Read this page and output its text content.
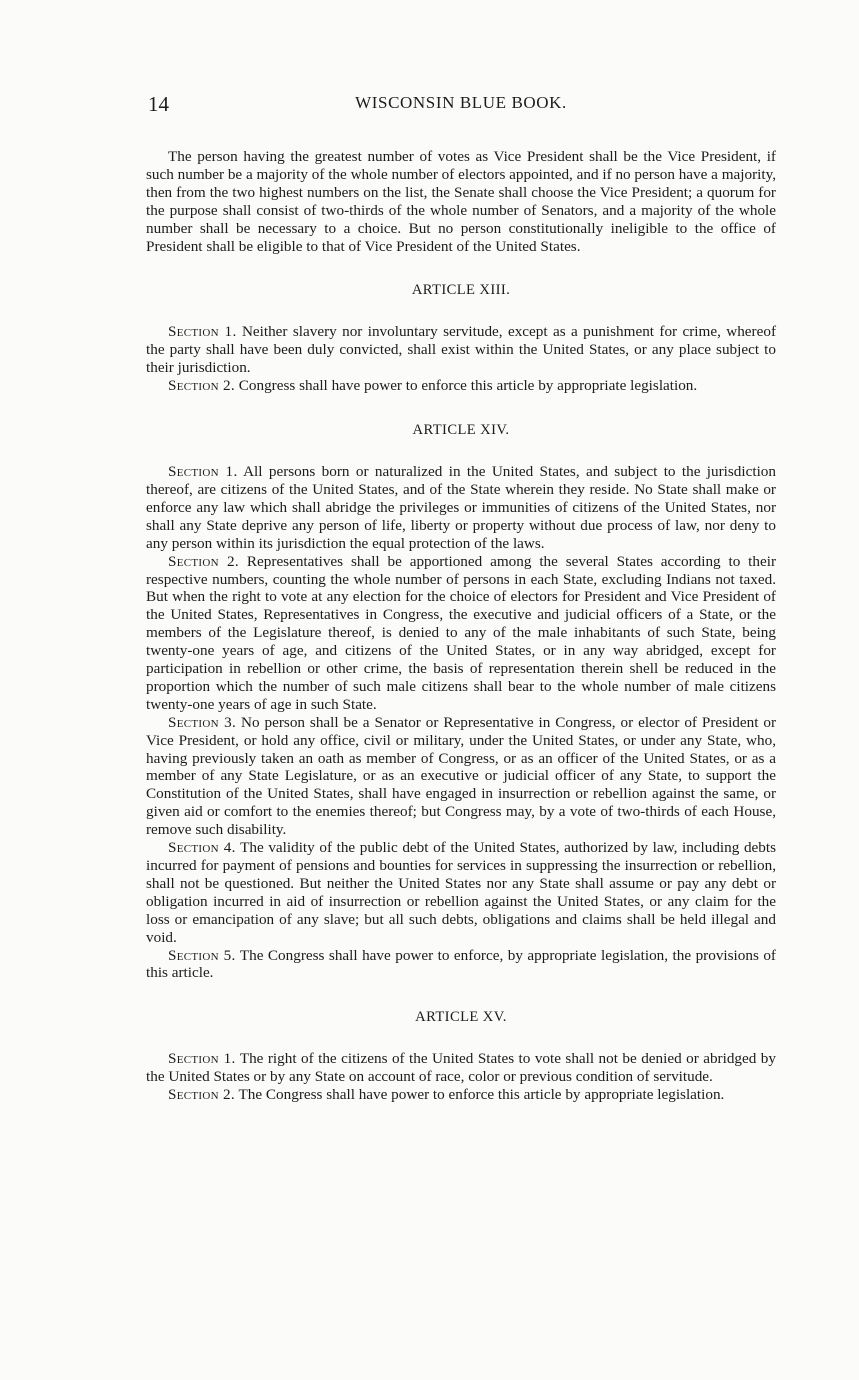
14	WISCONSIN BLUE BOOK.

The person having the greatest number of votes as Vice President shall be the Vice President, if such number be a majority of the whole number of electors appointed, and if no person have a majority, then from the two highest numbers on the list, the Senate shall choose the Vice President; a quorum for the purpose shall consist of two-thirds of the whole number of Senators, and a majority of the whole number shall be necessary to a choice. But no person constitutionally ineligible to the office of President shall be eligible to that of Vice President of the United States.

ARTICLE XIII.

Section 1. Neither slavery nor involuntary servitude, except as a punishment for crime, whereof the party shall have been duly convicted, shall exist within the United States, or any place subject to their jurisdiction.

Section 2. Congress shall have power to enforce this article by appropriate legislation.

ARTICLE XIV.

Section 1. All persons born or naturalized in the United States, and subject to the jurisdiction thereof, are citizens of the United States, and of the State wherein they reside. No State shall make or enforce any law which shall abridge the privileges or immunities of citizens of the United States, nor shall any State deprive any person of life, liberty or property without due process of law, nor deny to any person within its jurisdiction the equal protection of the laws.

Section 2. Representatives shall be apportioned among the several States according to their respective numbers, counting the whole number of persons in each State, excluding Indians not taxed. But when the right to vote at any election for the choice of electors for President and Vice President of the United States, Representatives in Congress, the executive and judicial officers of a State, or the members of the Legislature thereof, is denied to any of the male inhabitants of such State, being twenty-one years of age, and citizens of the United States, or in any way abridged, except for participation in rebellion or other crime, the basis of representation therein shell be reduced in the proportion which the number of such male citizens shall bear to the whole number of male citizens twenty-one years of age in such State.

Section 3. No person shall be a Senator or Representative in Congress, or elector of President or Vice President, or hold any office, civil or military, under the United States, or under any State, who, having previously taken an oath as member of Congress, or as an officer of the United States, or as a member of any State Legislature, or as an executive or judicial officer of any State, to support the Constitution of the United States, shall have engaged in insurrection or rebellion against the same, or given aid or comfort to the enemies thereof; but Congress may, by a vote of two-thirds of each House, remove such disability.

Section 4. The validity of the public debt of the United States, authorized by law, including debts incurred for payment of pensions and bounties for services in suppressing the insurrection or rebellion, shall not be questioned. But neither the United States nor any State shall assume or pay any debt or obligation incurred in aid of insurrection or rebellion against the United States, or any claim for the loss or emancipation of any slave; but all such debts, obligations and claims shall be held illegal and void.

Section 5. The Congress shall have power to enforce, by appropriate legislation, the provisions of this article.

ARTICLE XV.

Section 1. The right of the citizens of the United States to vote shall not be denied or abridged by the United States or by any State on account of race, color or previous condition of servitude.

Section 2. The Congress shall have power to enforce this article by appropriate legislation.
